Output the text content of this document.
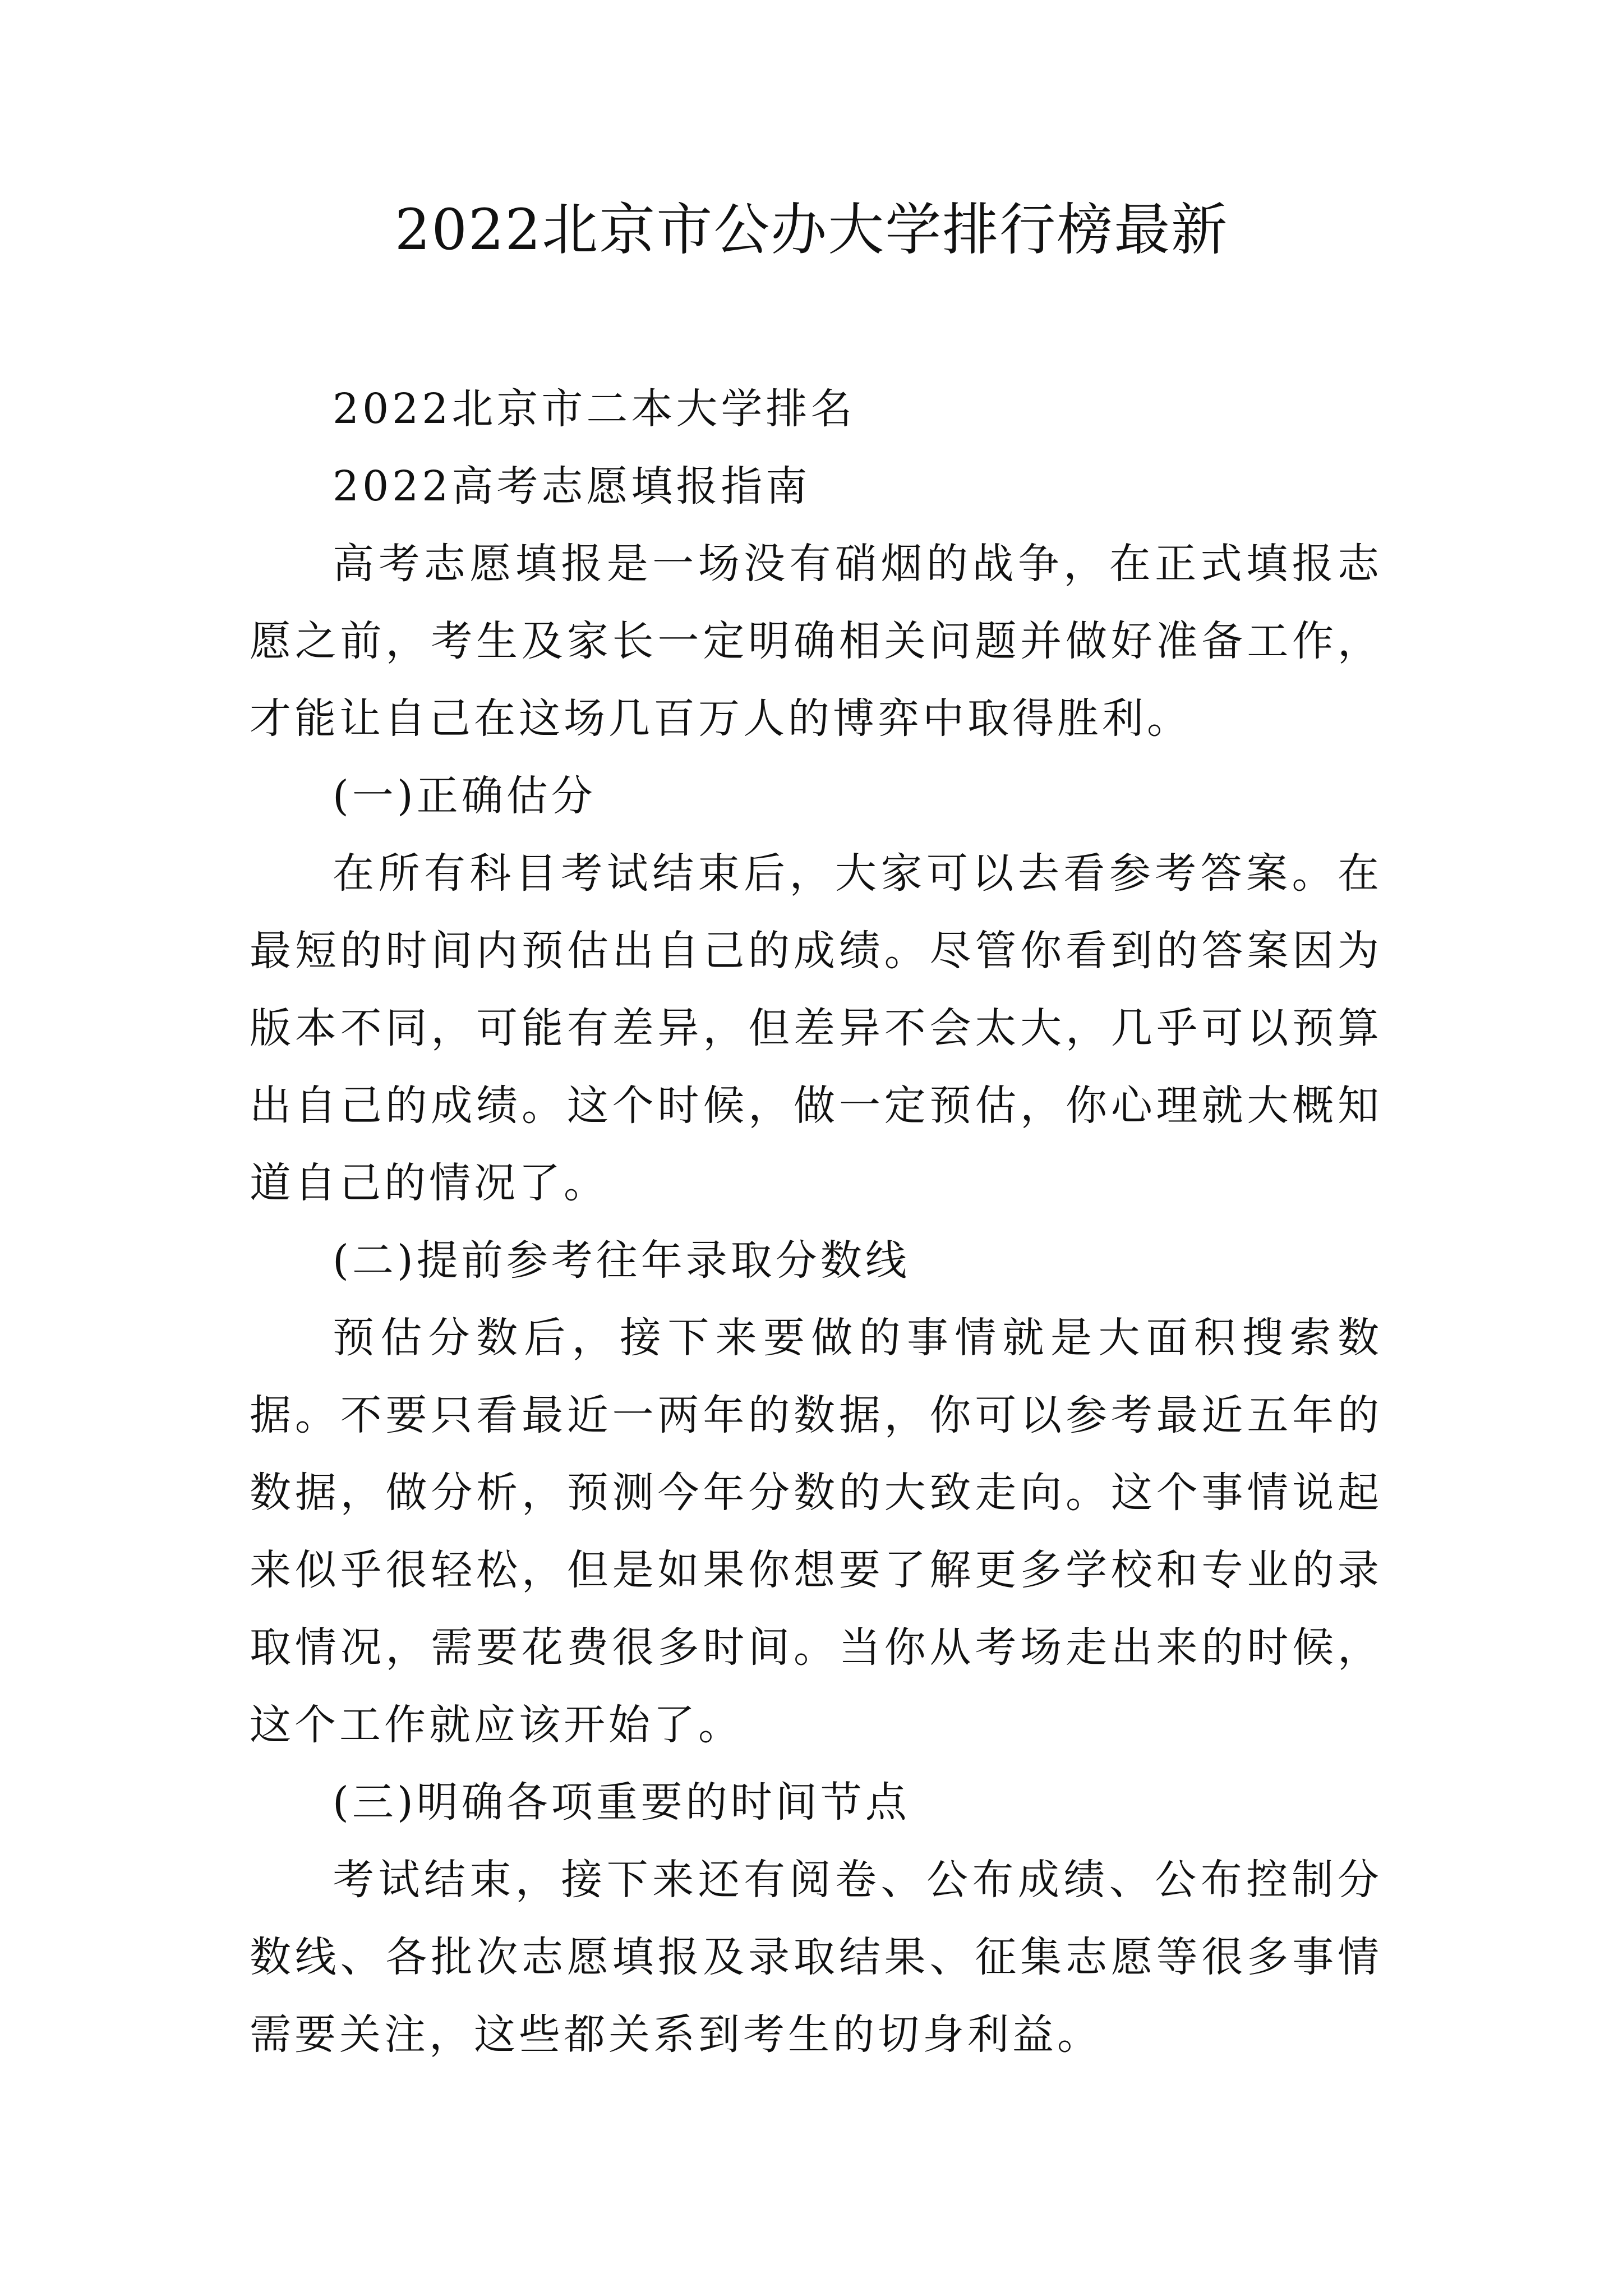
2022北京市公办大学排行榜最新

2022北京市二本大学排名

2022高考志愿填报指南

高考志愿填报是一场没有硝烟的战争，在正式填报志愿之前，考生及家长一定明确相关问题并做好准备工作，才能让自己在这场几百万人的博弈中取得胜利。

(一)正确估分

在所有科目考试结束后，大家可以去看参考答案。在最短的时间内预估出自己的成绩。尽管你看到的答案因为版本不同，可能有差异，但差异不会太大，几乎可以预算出自己的成绩。这个时候，做一定预估，你心理就大概知道自己的情况了。

(二)提前参考往年录取分数线

预估分数后，接下来要做的事情就是大面积搜索数据。不要只看最近一两年的数据，你可以参考最近五年的数据，做分析，预测今年分数的大致走向。这个事情说起来似乎很轻松，但是如果你想要了解更多学校和专业的录取情况，需要花费很多时间。当你从考场走出来的时候，这个工作就应该开始了。

(三)明确各项重要的时间节点

考试结束，接下来还有阅卷、公布成绩、公布控制分数线、各批次志愿填报及录取结果、征集志愿等很多事情需要关注，这些都关系到考生的切身利益。
